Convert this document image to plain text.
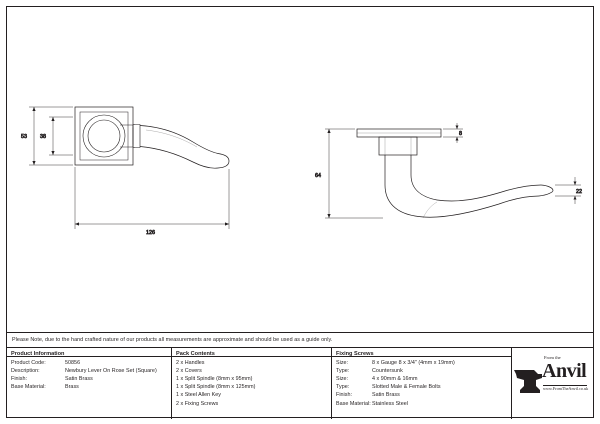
53 38
126
64
8
22
Please Note, due to the hand crafted nature of our products all measurements are approximate and should be used as a guide only.
Product Information
Product Code:	50856
Description:	Newbury Lever On Rose Set (Square)
Finish:	Satin Brass
Base Material:	Brass
Pack Contents
2 x Handles
2 x Covers
1 x Split Spindle (8mm x 95mm)
1 x Split Spindle (8mm x 125mm)
1 x Steel Allen Key
2 x Fixing Screws
Fixing Screws
Size:	8 x Gauge 8 x 3/4" (4mm x 19mm)
Type:	Countersunk
Size:	4 x 90mm & 16mm
Type:	Slotted Male & Female Bolts
Finish:	Satin Brass
Base Material: Stainless Steel
From the
Anvil
www.FromTheAnvil.co.uk
